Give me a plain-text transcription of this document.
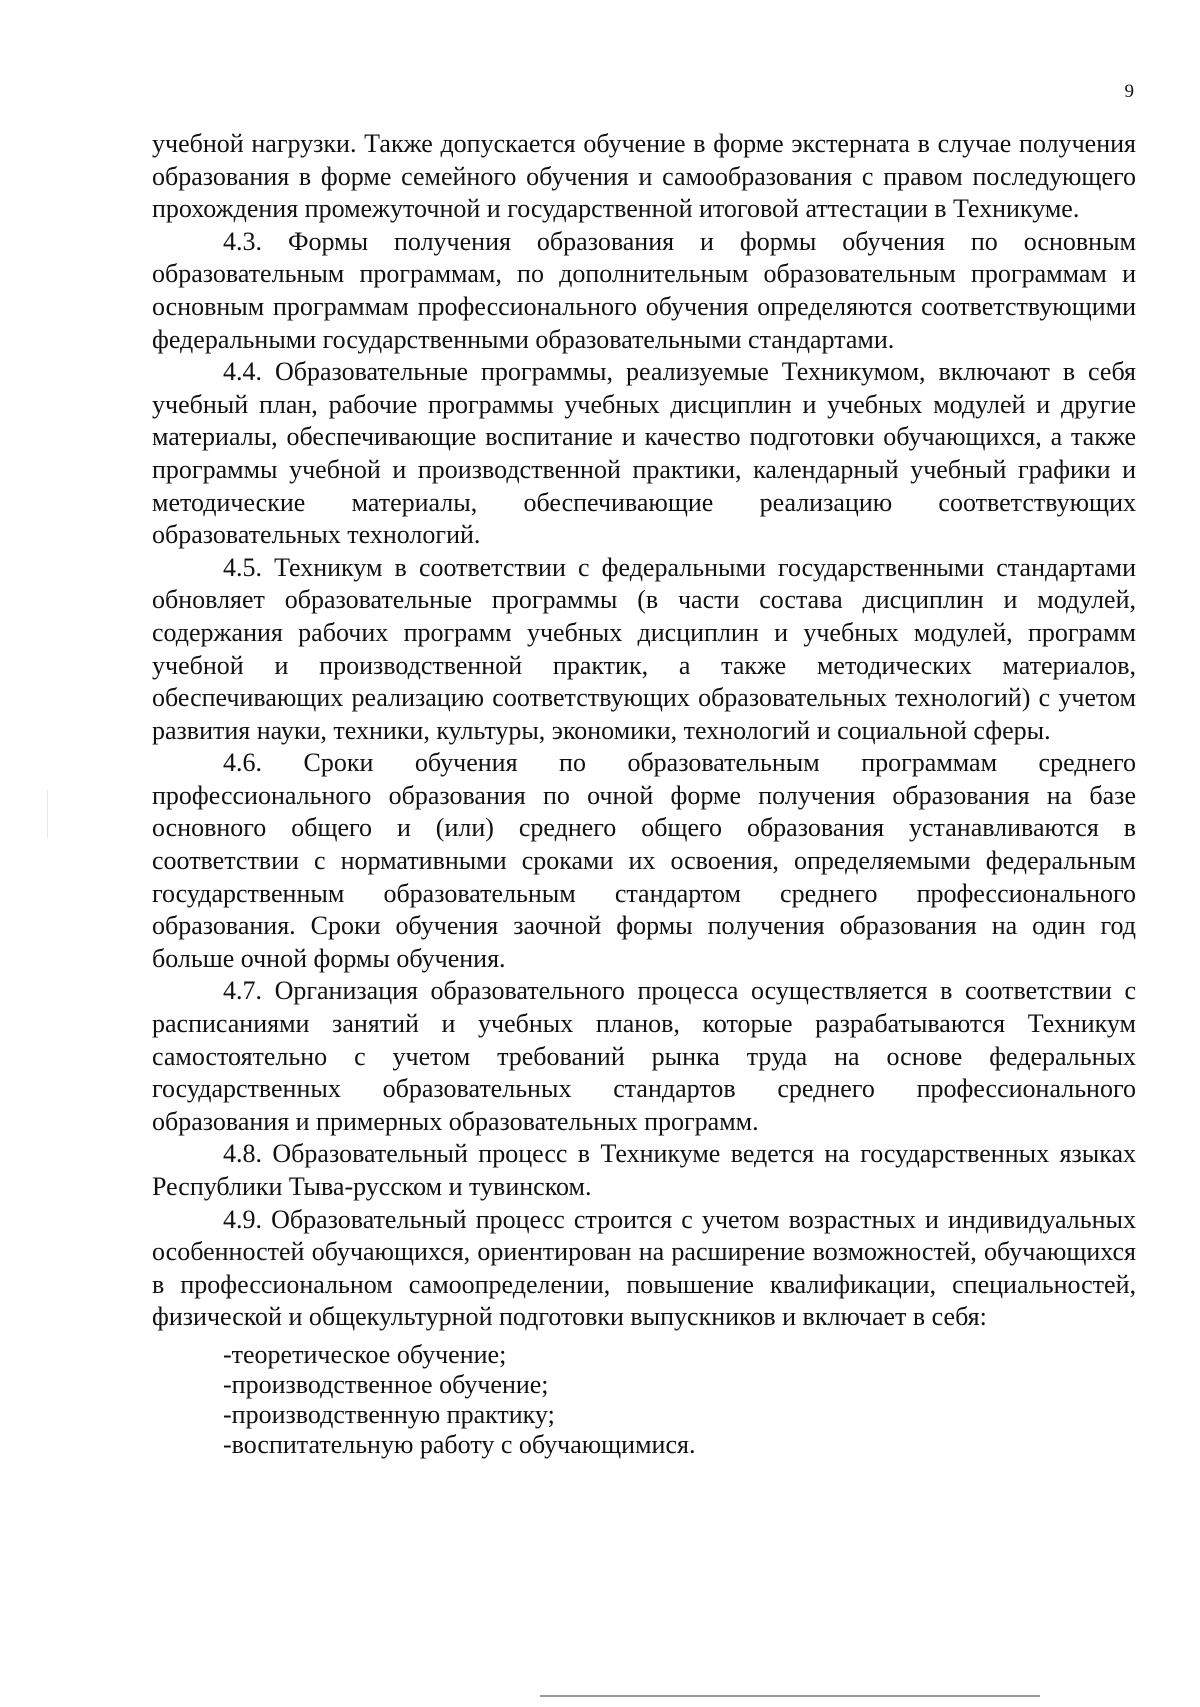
9

учебной нагрузки. Также допускается обучение в форме экстерната в случае получения образования в форме семейного обучения и самообразования с правом последующего прохождения промежуточной и государственной итоговой аттестации в Техникуме.

4.3. Формы получения образования и формы обучения по основным образовательным программам, по дополнительным образовательным программам и основным программам профессионального обучения определяются соответствующими федеральными государственными образовательными стандартами.

4.4. Образовательные программы, реализуемые Техникумом, включают в себя учебный план, рабочие программы учебных дисциплин и учебных модулей и другие материалы, обеспечивающие воспитание и качество подготовки обучающихся, а также программы учебной и производственной практики, календарный учебный графики и методические материалы, обеспечивающие реализацию соответствующих образовательных технологий.

4.5. Техникум в соответствии с федеральными государственными стандартами обновляет образовательные программы (в части состава дисциплин и модулей, содержания рабочих программ учебных дисциплин и учебных модулей, программ учебной и производственной практик, а также методических материалов, обеспечивающих реализацию соответствующих образовательных технологий) с учетом развития науки, техники, культуры, экономики, технологий и социальной сферы.

4.6. Сроки обучения по образовательным программам среднего профессионального образования по очной форме получения образования на базе основного общего и (или) среднего общего образования устанавливаются в соответствии с нормативными сроками их освоения, определяемыми федеральным государственным образовательным стандартом среднего профессионального образования. Сроки обучения заочной формы получения образования на один год больше очной формы обучения.

4.7. Организация образовательного процесса осуществляется в соответствии с расписаниями занятий и учебных планов, которые разрабатываются Техникум самостоятельно с учетом требований рынка труда на основе федеральных государственных образовательных стандартов среднего профессионального образования и примерных образовательных программ.

4.8. Образовательный процесс в Техникуме ведется на государственных языках Республики Тыва-русском и тувинском.

4.9. Образовательный процесс строится с учетом возрастных и индивидуальных особенностей обучающихся, ориентирован на расширение возможностей, обучающихся в профессиональном самоопределении, повышение квалификации, специальностей, физической и общекультурной подготовки выпускников и включает в себя:

-теоретическое обучение;

-производственное обучение;

-производственную практику;

-воспитательную работу с обучающимися.
